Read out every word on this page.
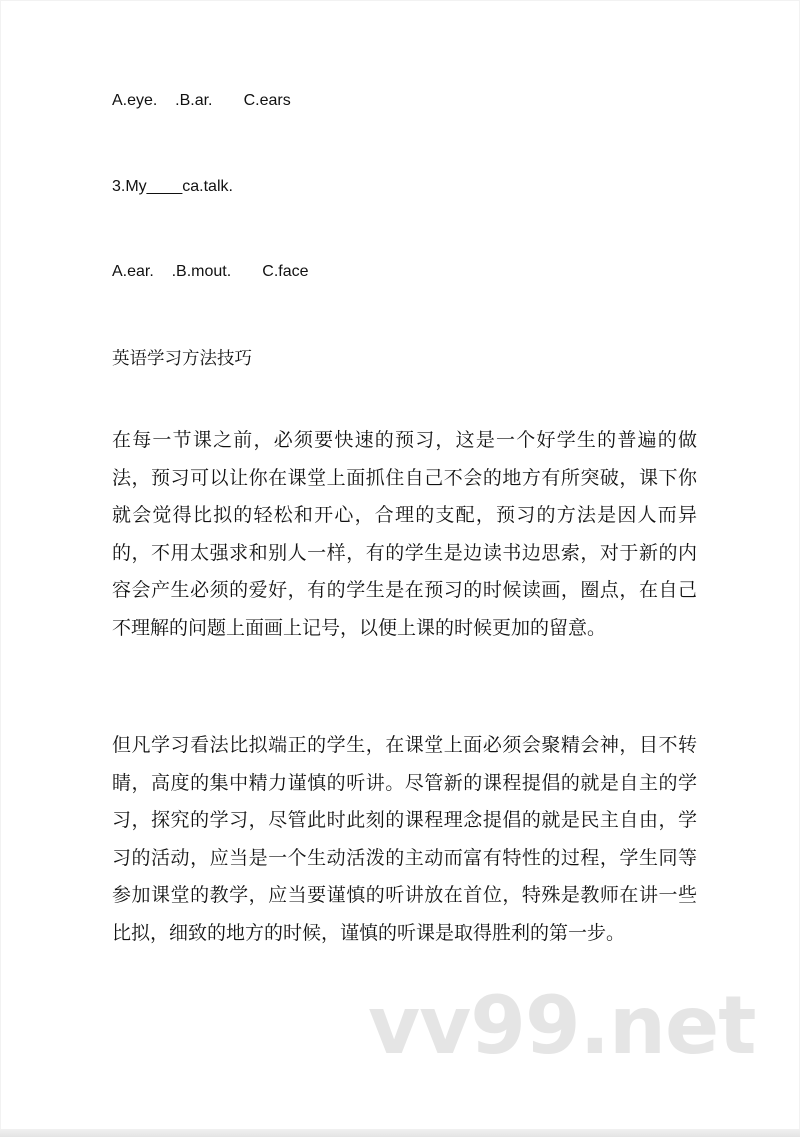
A.eye.    .B.ar.       C.ears
3.My____ca.talk.
A.ear.    .B.mout.       C.face
英语学习方法技巧
在每一节课之前，必须要快速的预习，这是一个好学生的普遍的做法，预习可以让你在课堂上面抓住自己不会的地方有所突破，课下你就会觉得比拟的轻松和开心，合理的支配，预习的方法是因人而异的，不用太强求和别人一样，有的学生是边读书边思索，对于新的内容会产生必须的爱好，有的学生是在预习的时候读画，圈点，在自己不理解的问题上面画上记号，以便上课的时候更加的留意。
但凡学习看法比拟端正的学生，在课堂上面必须会聚精会神，目不转睛，高度的集中精力谨慎的听讲。尽管新的课程提倡的就是自主的学习，探究的学习，尽管此时此刻的课程理念提倡的就是民主自由，学习的活动，应当是一个生动活泼的主动而富有特性的过程，学生同等参加课堂的教学，应当要谨慎的听讲放在首位，特殊是教师在讲一些比拟，细致的地方的时候，谨慎的听课是取得胜利的第一步。
vv99.net
